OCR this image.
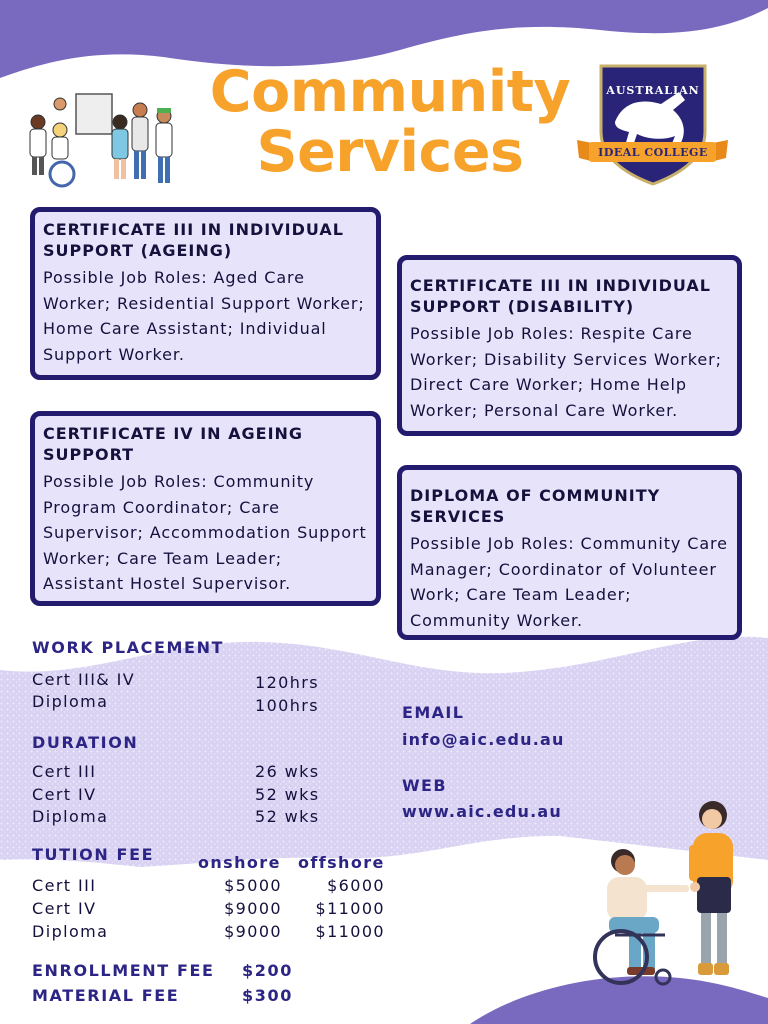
Community
Services
AUSTRALIAN
IDEAL COLLEGE
CERTIFICATE III IN INDIVIDUAL SUPPORT (AGEING)
Possible Job Roles: Aged Care Worker; Residential Support Worker; Home Care Assistant; Individual Support Worker.
CERTIFICATE III IN INDIVIDUAL SUPPORT (DISABILITY)
Possible Job Roles: Respite Care Worker; Disability Services Worker; Direct Care Worker; Home Help Worker; Personal Care Worker.
CERTIFICATE IV IN AGEING SUPPORT
Possible Job Roles: Community Program Coordinator; Care Supervisor; Accommodation Support Worker; Care Team Leader; Assistant Hostel Supervisor.
DIPLOMA OF COMMUNITY SERVICES
Possible Job Roles: Community Care Manager; Coordinator of Volunteer Work; Care Team Leader; Community Worker.
WORK PLACEMENT
Cert III& IV	120hrs
Diploma	100hrs
DURATION
Cert III	26 wks
Cert IV	52 wks
Diploma	52 wks
TUTION FEE	onshore offshore
Cert III	$5000	$6000
Cert IV	$9000	$11000
Diploma	$9000	$11000
ENROLLMENT FEE $200
MATERIAL FEE	$300
EMAIL
info@aic.edu.au
WEB
www.aic.edu.au
